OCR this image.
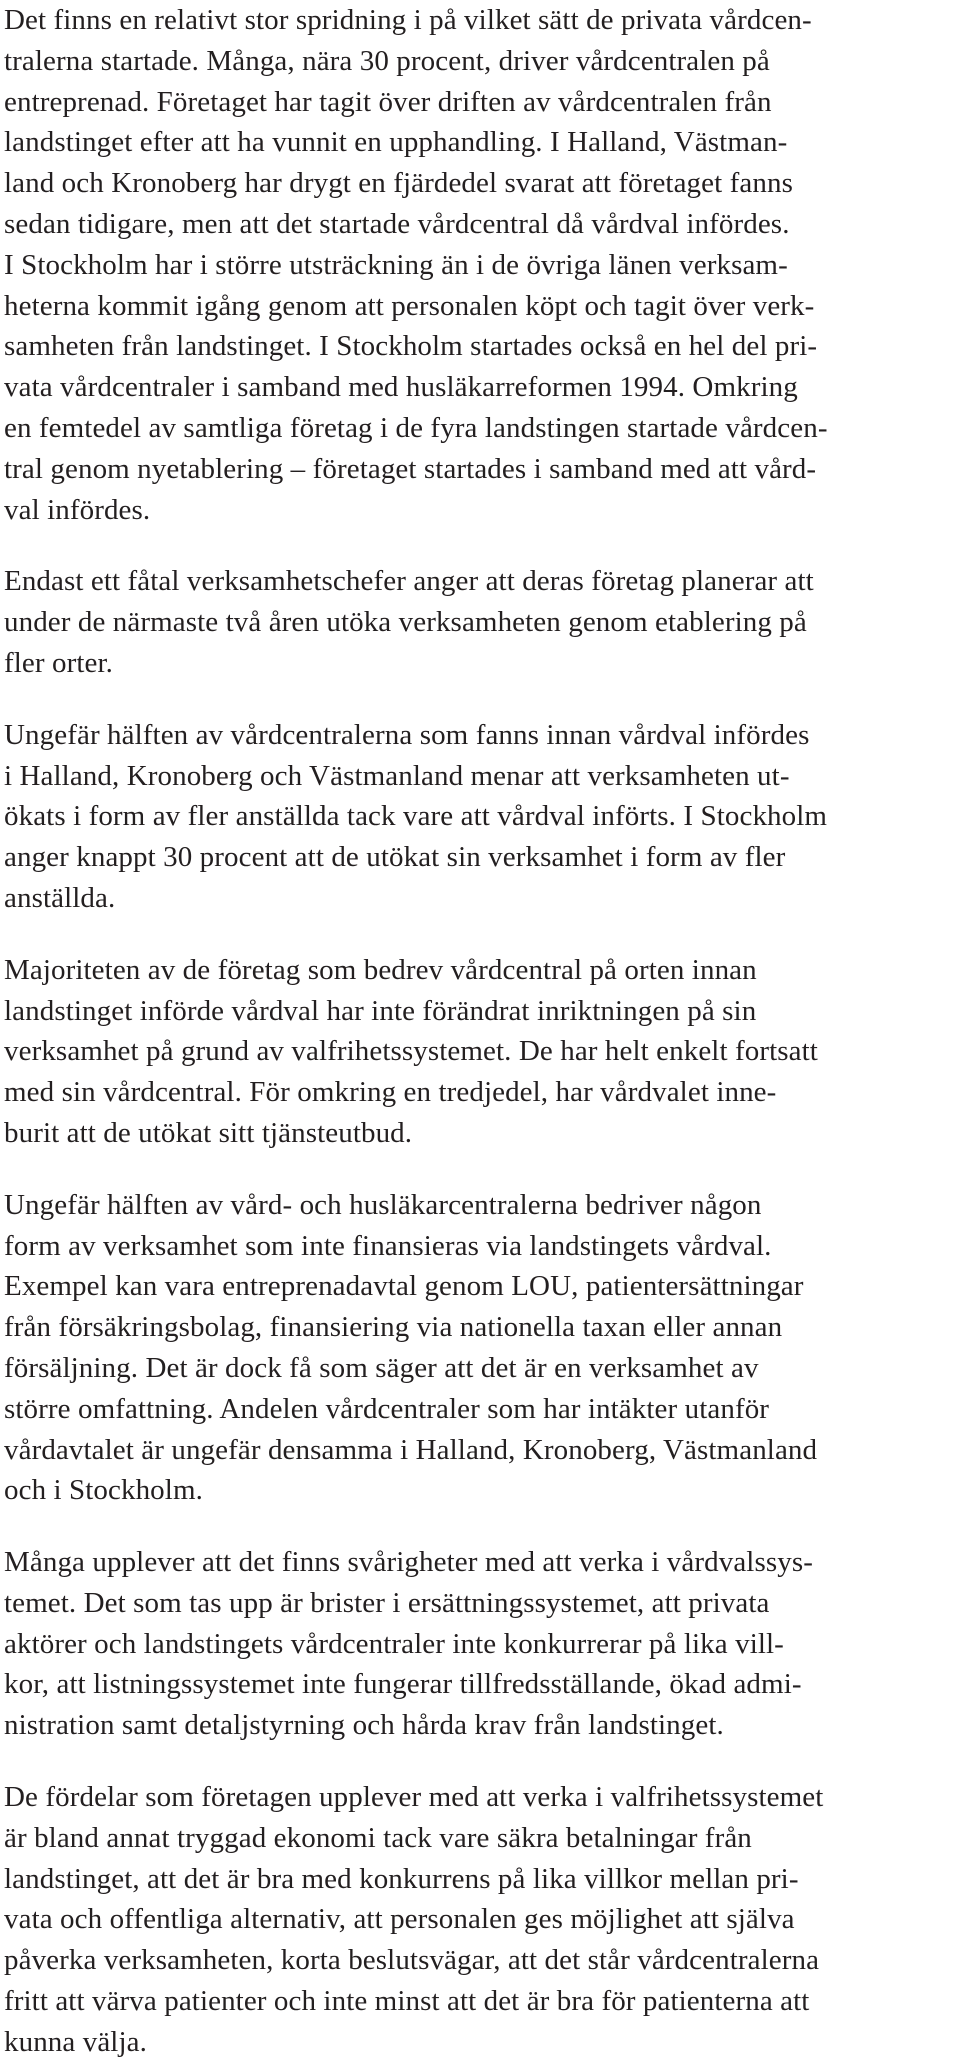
Det finns en relativt stor spridning i på vilket sätt de privata vårdcen-
tralerna startade. Många, nära 30 procent, driver vårdcentralen på
entreprenad. Företaget har tagit över driften av vårdcentralen från
landstinget efter att ha vunnit en upphandling. I Halland, Västman-
land och Kronoberg har drygt en fjärdedel svarat att företaget fanns
sedan tidigare, men att det startade vårdcentral då vårdval infördes.
I Stockholm har i större utsträckning än i de övriga länen verksam-
heterna kommit igång genom att personalen köpt och tagit över verk-
samheten från landstinget. I Stockholm startades också en hel del pri-
vata vårdcentraler i samband med husläkarreformen 1994. Omkring
en femtedel av samtliga företag i de fyra landstingen startade vårdcen-
tral genom nyetablering – företaget startades i samband med att vård-
val infördes.

Endast ett fåtal verksamhetschefer anger att deras företag planerar att
under de närmaste två åren utöka verksamheten genom etablering på
fler orter.

Ungefär hälften av vårdcentralerna som fanns innan vårdval infördes
i Halland, Kronoberg och Västmanland menar att verksamheten ut-
ökats i form av fler anställda tack vare att vårdval införts. I Stockholm
anger knappt 30 procent att de utökat sin verksamhet i form av fler
anställda.

Majoriteten av de företag som bedrev vårdcentral på orten innan
landstinget införde vårdval har inte förändrat inriktningen på sin
verksamhet på grund av valfrihetssystemet. De har helt enkelt fortsatt
med sin vårdcentral. För omkring en tredjedel, har vårdvalet inne-
burit att de utökat sitt tjänsteutbud.

Ungefär hälften av vård- och husläkarcentralerna bedriver någon
form av verksamhet som inte finansieras via landstingets vårdval.
Exempel kan vara entreprenadavtal genom LOU, patientersättningar
från försäkringsbolag, finansiering via nationella taxan eller annan
försäljning. Det är dock få som säger att det är en verksamhet av
större omfattning. Andelen vårdcentraler som har intäkter utanför
vårdavtalet är ungefär densamma i Halland, Kronoberg, Västmanland
och i Stockholm.

Många upplever att det finns svårigheter med att verka i vårdvalssys-
temet. Det som tas upp är brister i ersättningssystemet, att privata
aktörer och landstingets vårdcentraler inte konkurrerar på lika vill-
kor, att listningssystemet inte fungerar tillfredsställande, ökad admi-
nistration samt detaljstyrning och hårda krav från landstinget.

De fördelar som företagen upplever med att verka i valfrihetssystemet
är bland annat tryggad ekonomi tack vare säkra betalningar från
landstinget, att det är bra med konkurrens på lika villkor mellan pri-
vata och offentliga alternativ, att personalen ges möjlighet att själva
påverka verksamheten, korta beslutsvägar, att det står vårdcentralerna
fritt att värva patienter och inte minst att det är bra för patienterna att
kunna välja.
